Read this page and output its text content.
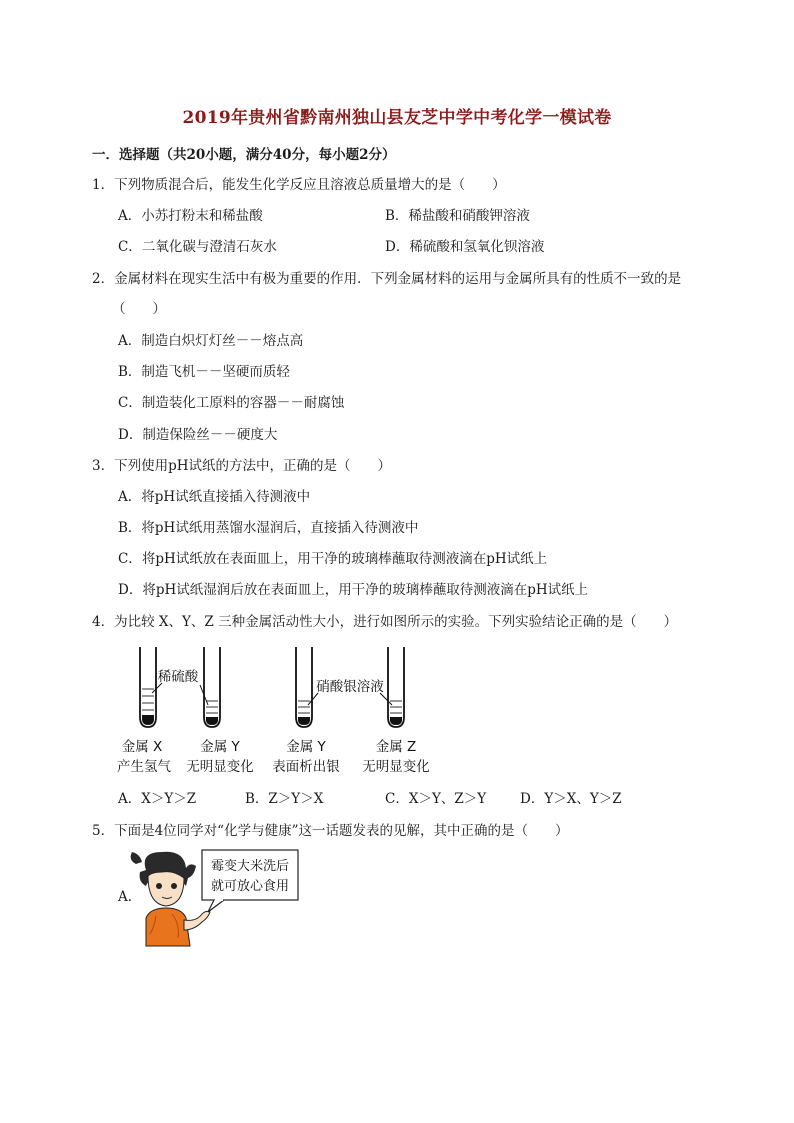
2019年贵州省黔南州独山县友芝中学中考化学一模试卷
一．选择题（共20小题，满分40分，每小题2分）
1．下列物质混合后，能发生化学反应且溶液总质量增大的是（　　）
A．小苏打粉末和稀盐酸	B．稀盐酸和硝酸钾溶液
C．二氧化碳与澄清石灰水	D．稀硫酸和氢氧化钡溶液
2．金属材料在现实生活中有极为重要的作用．下列金属材料的运用与金属所具有的性质不一致的是
（　　）
A．制造白炽灯灯丝－－熔点高
B．制造飞机－－坚硬而质轻
C．制造装化工原料的容器－－耐腐蚀
D．制造保险丝－－硬度大
3．下列使用pH试纸的方法中，正确的是（　　）
A．将pH试纸直接插入待测液中
B．将pH试纸用蒸馏水湿润后，直接插入待测液中
C．将pH试纸放在表面皿上，用干净的玻璃棒蘸取待测液滴在pH试纸上
D．将pH试纸湿润后放在表面皿上，用干净的玻璃棒蘸取待测液滴在pH试纸上
4．为比较 X、Y、Z 三种金属活动性大小，进行如图所示的实验。下列实验结论正确的是（　　）
稀硫酸
硝酸银溶液
金属 X	金属 Y	金属 Y	金属 Z
产生氢气 无明显变化 表面析出银 无明显变化
A．X＞Y＞Z	B．Z＞Y＞X	C．X＞Y、Z＞Y	D．Y＞X、Y＞Z
5．下面是4位同学对“化学与健康”这一话题发表的见解，其中正确的是（　　）
A．
霉变大米洗后
就可放心食用
